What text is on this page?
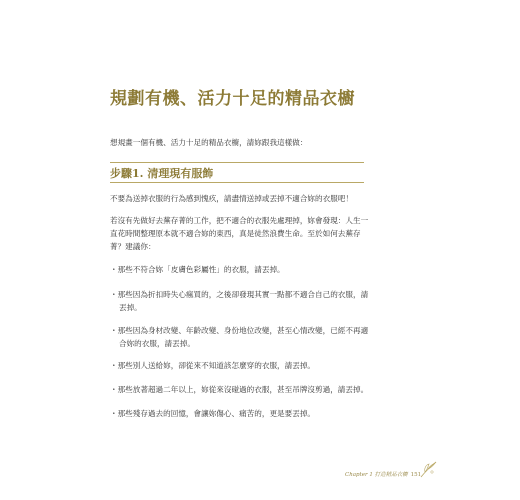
規劃有機、活力十足的精品衣櫥
想規畫一個有機、活力十足的精品衣櫥，請妳跟我這樣做：
步驟1. 清理現有服飾
不要為送掉衣服的行為感到愧疚，請盡情送掉或丟掉不適合妳的衣服吧！
若沒有先做好去蕪存菁的工作，把不適合的衣服先處理掉，妳會發現：人生一
直花時間整理原本就不適合妳的東西，真是徒然浪費生命。至於如何去蕪存
菁？建議你：
・那些不符合妳「皮膚色彩屬性」的衣服，請丟掉。
・那些因為折扣時失心瘋買的，之後卻發現其實一點都不適合自己的衣服，請
丟掉。
・那些因為身材改變、年齡改變、身份地位改變，甚至心情改變，已經不再適
合妳的衣服，請丟掉。
・那些別人送給妳，卻從來不知道該怎麼穿的衣服，請丟掉。
・那些放著超過二年以上，妳從來沒碰過的衣服，甚至吊牌沒剪過，請丟掉。
・那些殘存過去的回憶，會讓妳傷心、痛苦的，更是要丟掉。
Chapter 1 打造精品衣櫥 151
